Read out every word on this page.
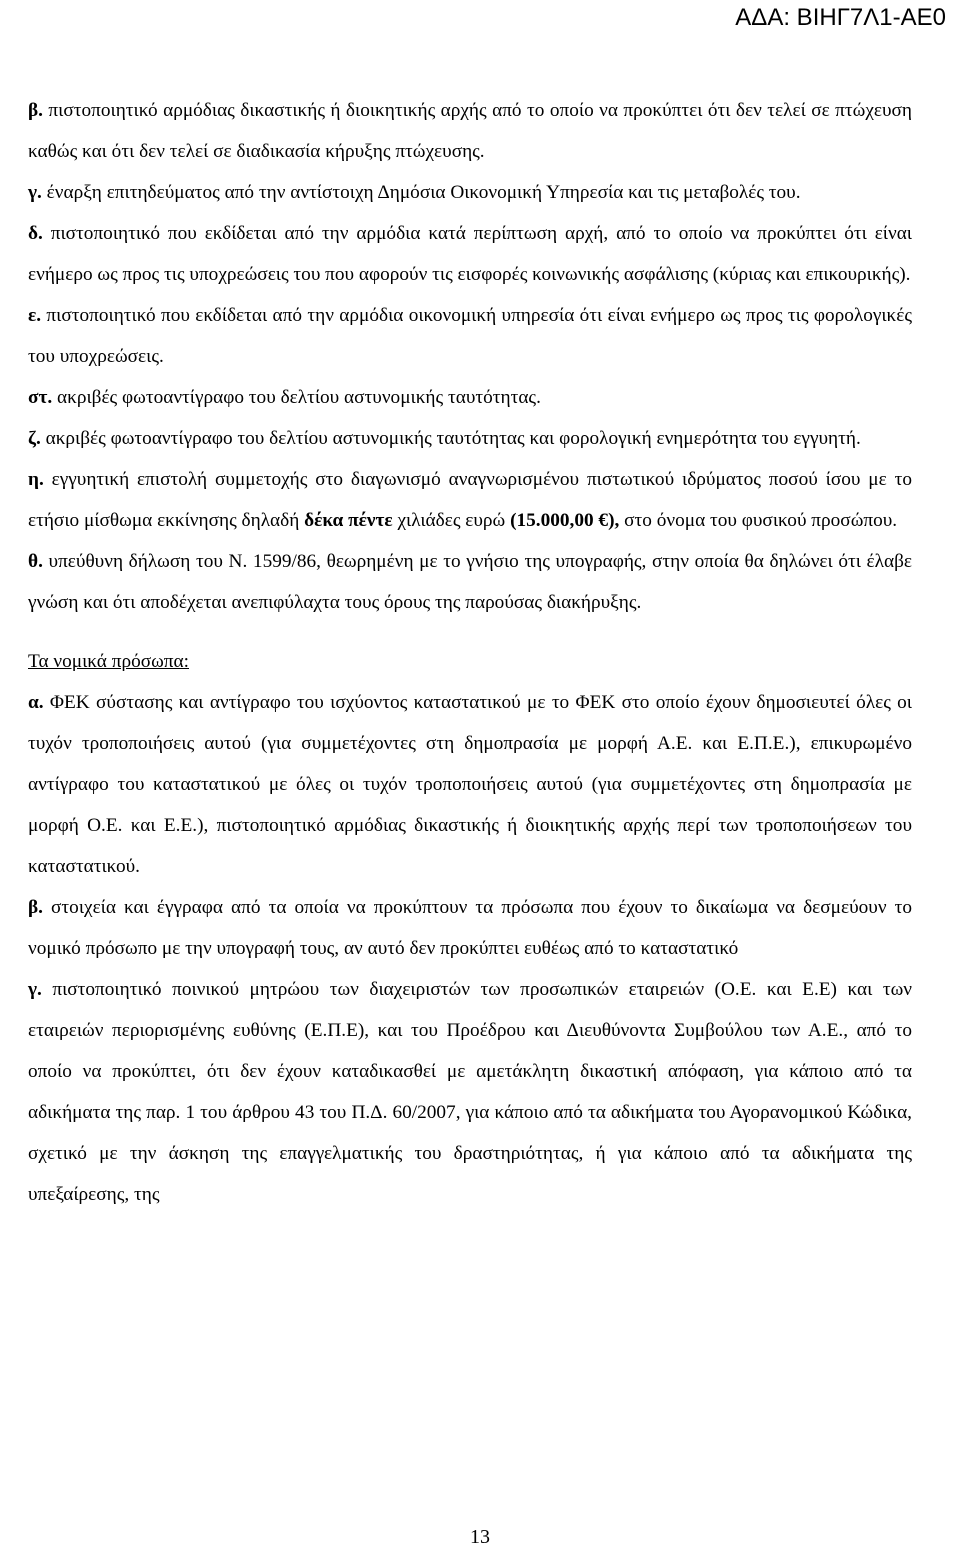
ΑΔΑ: ΒΙΗΓ7Λ1-ΑΕ0

β. πιστοποιητικό αρμόδιας δικαστικής ή διοικητικής αρχής από το οποίο να προκύπτει ότι δεν τελεί σε πτώχευση καθώς και ότι δεν τελεί σε διαδικασία κήρυξης πτώχευσης.

γ. έναρξη επιτηδεύματος από την αντίστοιχη Δημόσια Οικονομική Υπηρεσία και τις μεταβολές του.

δ. πιστοποιητικό που εκδίδεται από την αρμόδια κατά περίπτωση αρχή, από το οποίο να προκύπτει ότι είναι ενήμερο ως προς τις υποχρεώσεις του που αφορούν τις εισφορές κοινωνικής ασφάλισης (κύριας και επικουρικής).

ε. πιστοποιητικό που εκδίδεται από την αρμόδια οικονομική υπηρεσία ότι είναι ενήμερο ως προς τις φορολογικές του υποχρεώσεις.

στ. ακριβές φωτοαντίγραφο του δελτίου αστυνομικής ταυτότητας.

ζ. ακριβές φωτοαντίγραφο του δελτίου αστυνομικής ταυτότητας και φορολογική ενημερότητα του εγγυητή.

η. εγγυητική επιστολή συμμετοχής στο διαγωνισμό αναγνωρισμένου πιστωτικού ιδρύματος ποσού ίσου με το ετήσιο μίσθωμα εκκίνησης δηλαδή δέκα πέντε χιλιάδες ευρώ (15.000,00 €), στο όνομα του φυσικού προσώπου.

θ. υπεύθυνη δήλωση του Ν. 1599/86, θεωρημένη με το γνήσιο της υπογραφής, στην οποία θα δηλώνει ότι έλαβε γνώση και ότι αποδέχεται ανεπιφύλαχτα τους όρους της παρούσας διακήρυξης.

Τα νομικά πρόσωπα:

α. ΦΕΚ σύστασης και αντίγραφο του ισχύοντος καταστατικού με το ΦΕΚ στο οποίο έχουν δημοσιευτεί όλες οι τυχόν τροποποιήσεις αυτού (για συμμετέχοντες στη δημοπρασία με μορφή Α.Ε. και Ε.Π.Ε.), επικυρωμένο αντίγραφο του καταστατικού με όλες οι τυχόν τροποποιήσεις αυτού (για συμμετέχοντες στη δημοπρασία με μορφή Ο.Ε. και Ε.Ε.), πιστοποιητικό αρμόδιας δικαστικής ή διοικητικής αρχής περί των τροποποιήσεων του καταστατικού.

β. στοιχεία και έγγραφα από τα οποία να προκύπτουν τα πρόσωπα που έχουν το δικαίωμα να δεσμεύουν το νομικό πρόσωπο με την υπογραφή τους, αν αυτό δεν προκύπτει ευθέως από το καταστατικό

γ. πιστοποιητικό ποινικού μητρώου των διαχειριστών των προσωπικών εταιρειών (Ο.Ε. και Ε.Ε) και των εταιρειών περιορισμένης ευθύνης (Ε.Π.Ε), και του Προέδρου και Διευθύνοντα Συμβούλου των Α.Ε., από το οποίο να προκύπτει, ότι δεν έχουν καταδικασθεί με αμετάκλητη δικαστική απόφαση, για κάποιο από τα αδικήματα της παρ. 1 του άρθρου 43 του Π.Δ. 60/2007, για κάποιο από τα αδικήματα του Αγορανομικού Κώδικα, σχετικό με την άσκηση της επαγγελματικής του δραστηριότητας, ή για κάποιο από τα αδικήματα της υπεξαίρεσης, της

13
